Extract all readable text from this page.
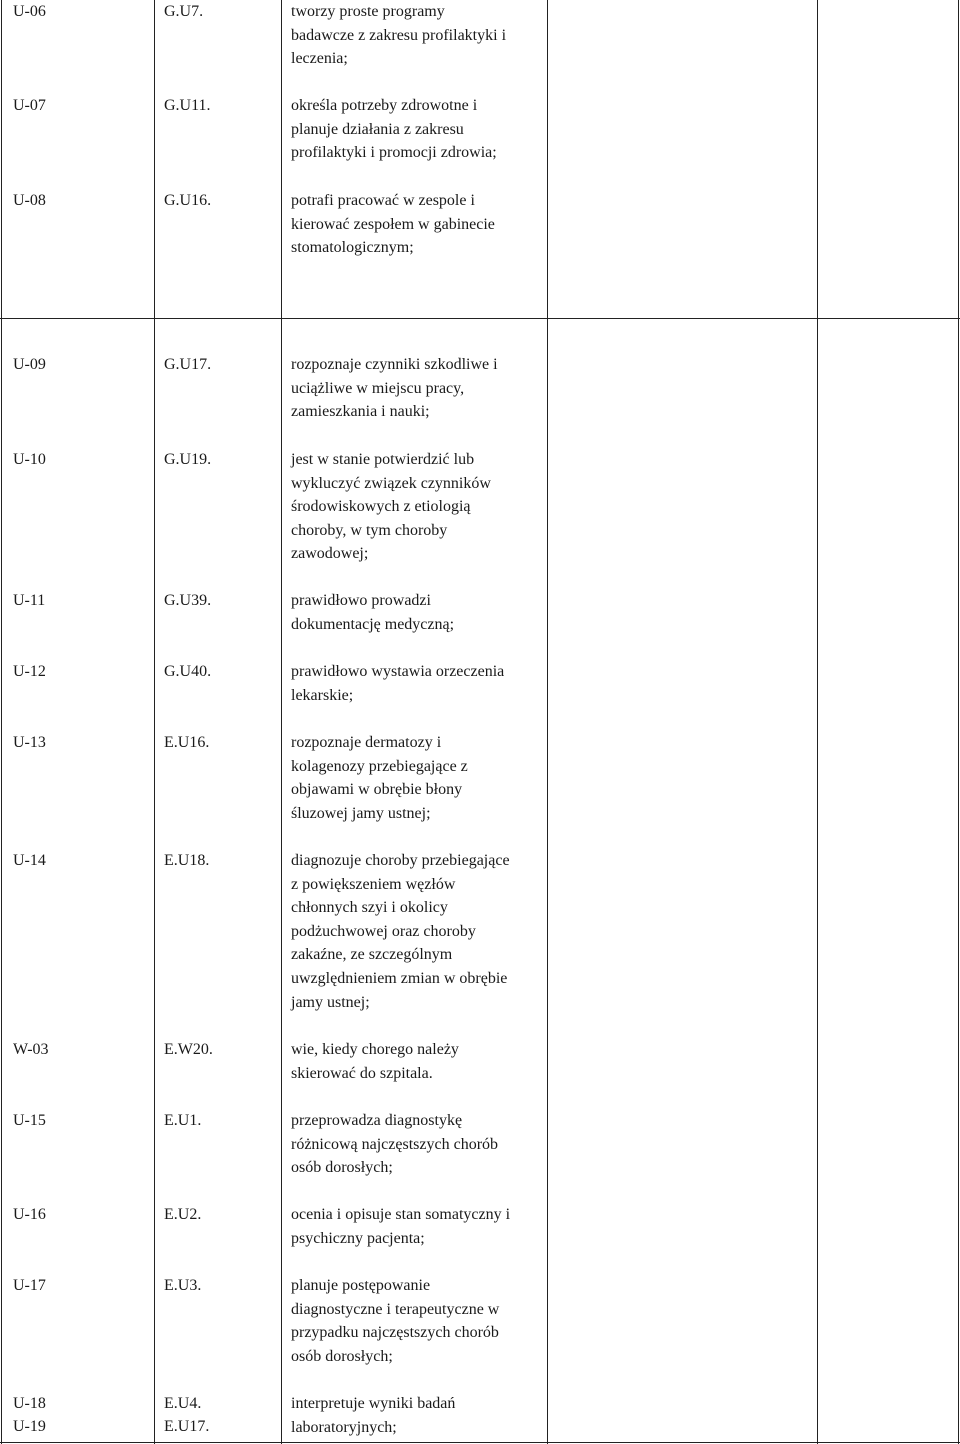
U-06	G.U7.	tworzy proste programy
badawcze z zakresu profilaktyki i
leczenia;
U-07	G.U11.	określa potrzeby zdrowotne i
planuje działania z zakresu
profilaktyki i promocji zdrowia;
U-08	G.U16.	potrafi pracować w zespole i
kierować zespołem w gabinecie
stomatologicznym;
U-09	G.U17.	rozpoznaje czynniki szkodliwe i
uciążliwe w miejscu pracy,
zamieszkania i nauki;
U-10	G.U19.	jest w stanie potwierdzić lub
wykluczyć związek czynników
środowiskowych z etiologią
choroby, w tym choroby
zawodowej;
U-11	G.U39.	prawidłowo prowadzi
dokumentację medyczną;
U-12	G.U40.	prawidłowo wystawia orzeczenia
lekarskie;
U-13	E.U16.	rozpoznaje dermatozy i
kolagenozy przebiegające z
objawami w obrębie błony
śluzowej jamy ustnej;
U-14	E.U18.	diagnozuje choroby przebiegające
z powiększeniem węzłów
chłonnych szyi i okolicy
podżuchwowej oraz choroby
zakaźne, ze szczególnym
uwzględnieniem zmian w obrębie
jamy ustnej;
W-03	E.W20.	wie, kiedy chorego należy
skierować do szpitala.
U-15	E.U1.	przeprowadza diagnostykę
różnicową najczęstszych chorób
osób dorosłych;
U-16	E.U2.	ocenia i opisuje stan somatyczny i
psychiczny pacjenta;
U-17	E.U3.	planuje postępowanie
diagnostyczne i terapeutyczne w
przypadku najczęstszych chorób
osób dorosłych;
U-18	E.U4.	interpretuje wyniki badań
laboratoryjnych;
U-19	E.U17.
